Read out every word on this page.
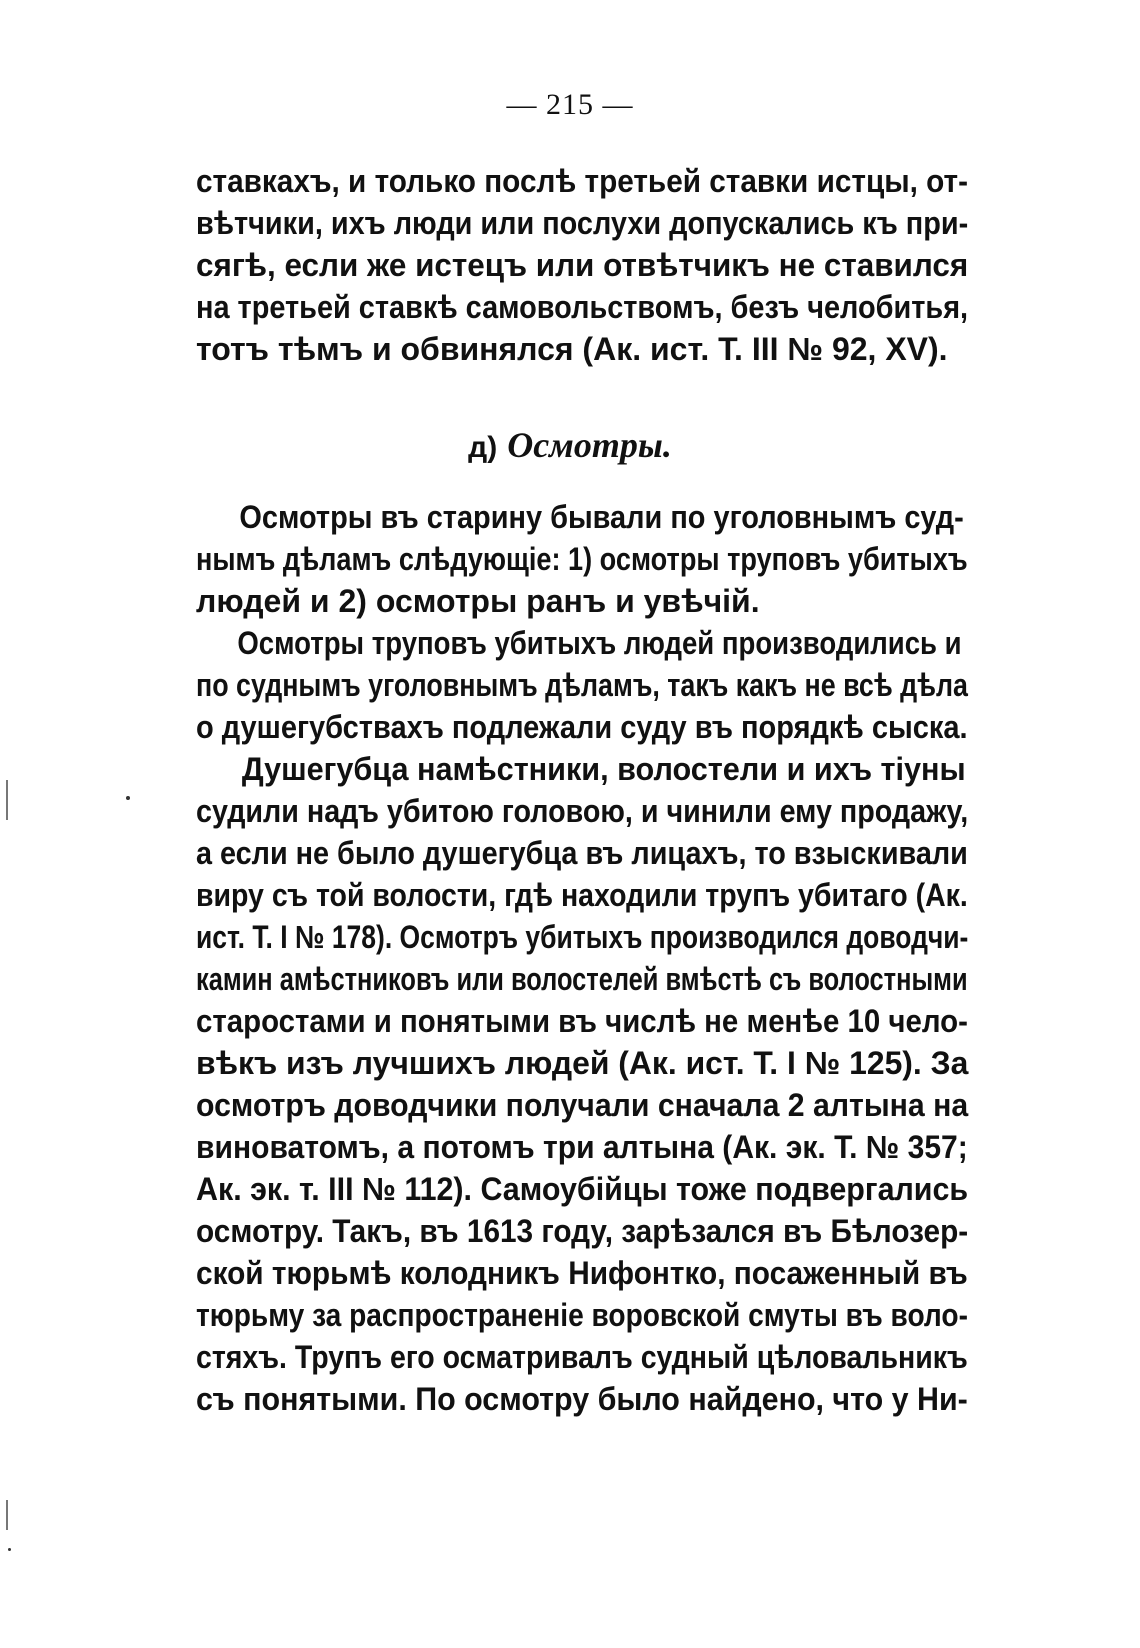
— 215 —
ставкахъ, и только послѣ третьей ставки истцы, от-
вѣтчики, ихъ люди или послухи допускались къ при-
сягѣ, если же истецъ или отвѣтчикъ не ставился
на третьей ставкѣ самовольствомъ, безъ челобитья,
тотъ тѣмъ и обвинялся (Ак. ист. Т. III № 92, XV).
д) Осмотры.
Осмотры въ старину бывали по уголовнымъ суд-
нымъ дѣламъ слѣдующіе: 1) осмотры труповъ убитыхъ
людей и 2) осмотры ранъ и увѣчій.
Осмотры труповъ убитыхъ людей производились и
по суднымъ уголовнымъ дѣламъ, такъ какъ не всѣ дѣла
о душегубствахъ подлежали суду въ порядкѣ сыска.
Душегубца намѣстники, волостели и ихъ тіуны
судили надъ убитою головою, и чинили ему продажу,
а если не было душегубца въ лицахъ, то взыскивали
виру съ той волости, гдѣ находили трупъ убитаго (Ак.
ист. Т. I № 178). Осмотръ убитыхъ производился доводчи-
камин амѣстниковъ или волостелей вмѣстѣ съ волостными
старостами и понятыми въ числѣ не менѣе 10 чело-
вѣкъ изъ лучшихъ людей (Ак. ист. Т. I № 125). За
осмотръ доводчики получали сначала 2 алтына на
виноватомъ, а потомъ три алтына (Ак. эк. Т. № 357;
Ак. эк. т. III № 112). Самоубійцы тоже подвергались
осмотру. Такъ, въ 1613 году, зарѣзался въ Бѣлозер-
ской тюрьмѣ колодникъ Нифонтко, посаженный въ
тюрьму за распространеніе воровской смуты въ воло-
стяхъ. Трупъ его осматривалъ судный цѣловальникъ
съ понятыми. По осмотру было найдено, что у Ни-
